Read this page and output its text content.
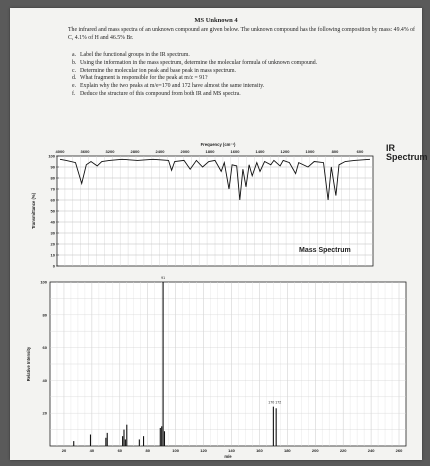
MS Unknown 4
The infrared and mass spectra of an unknown compound are given below. The unknown compound has the following composition by mass: 49.4% of C, 4.1% of H and 46.5% Br.
a. Label the functional groups in the IR spectrum.
b. Using the information in the mass spectrum, determine the molecular formula of unknown compound.
c. Determine the molecular ion peak and base peak in mass spectrum.
d. What fragment is responsible for the peak at m/z = 91?
e. Explain why the two peaks at m/e=170 and 172 have almost the same intensity.
f. Deduce the structure of this compound from both IR and MS spectra.
IR
Spectrum
4000	3600	3200	2800	2400	2000	1800	1600	1400	1200	1000	800	600
Frequency (cm⁻¹)
100
90
80
70
60
50
40
30
20
10
0
Transmittance (%)
Mass Spectrum
100
80
60
40
20
Relative Intensity
20	40	60	80	100	120	140	160	180	200	220	240	260
m/e
91
170 172
